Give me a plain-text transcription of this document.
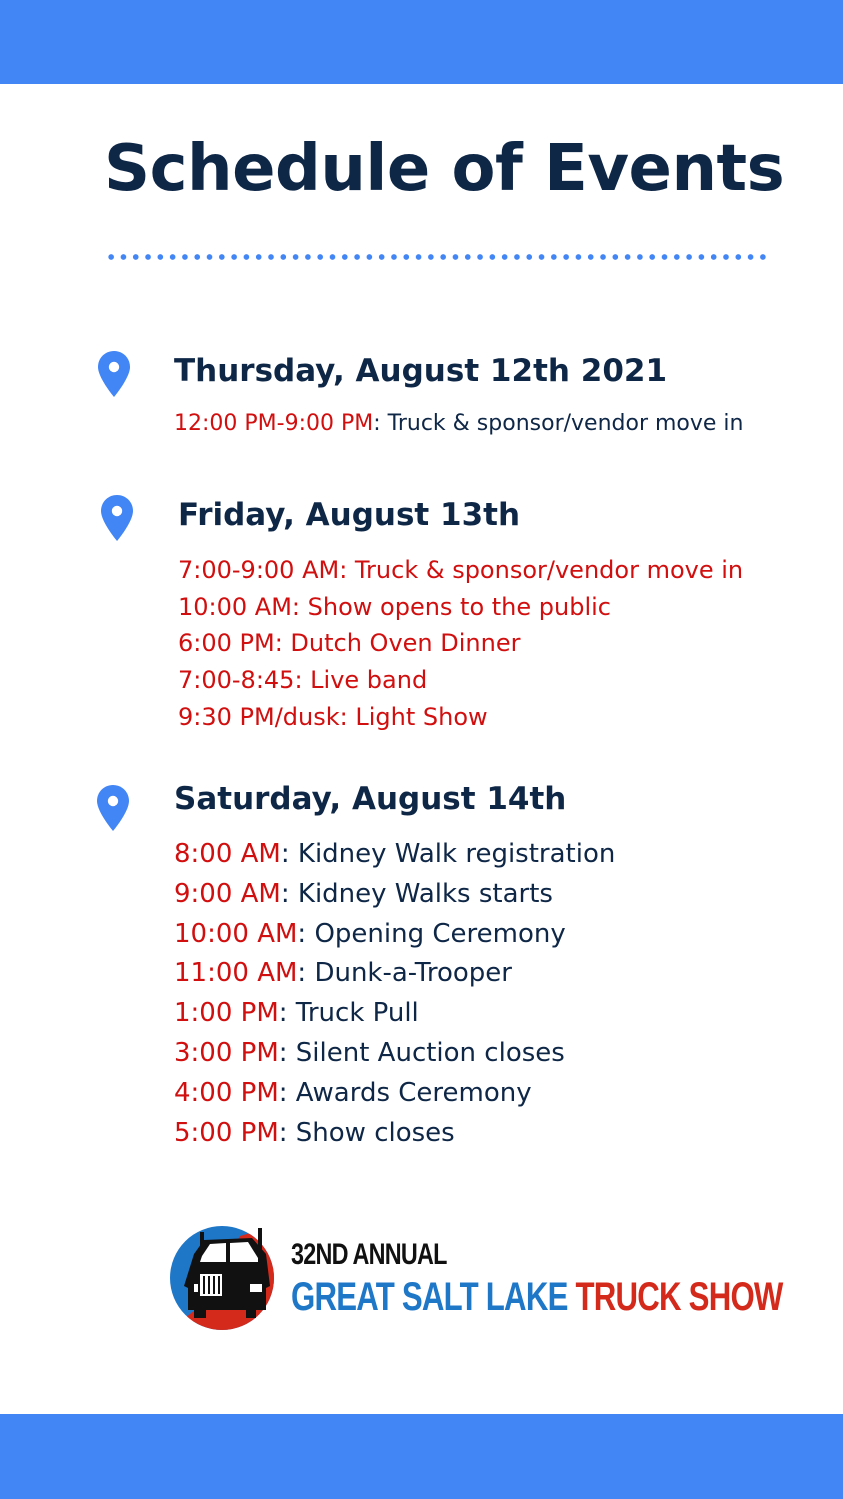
Schedule of Events
Thursday, August 12th 2021
12:00 PM-9:00 PM: Truck & sponsor/vendor move in
Friday, August 13th
7:00-9:00 AM: Truck & sponsor/vendor move in
10:00 AM: Show opens to the public
6:00 PM: Dutch Oven Dinner
7:00-8:45: Live band
9:30 PM/dusk: Light Show
Saturday, August 14th
8:00 AM: Kidney Walk registration
9:00 AM: Kidney Walks starts
10:00 AM: Opening Ceremony
11:00 AM: Dunk-a-Trooper
1:00 PM: Truck Pull
3:00 PM: Silent Auction closes
4:00 PM: Awards Ceremony
5:00 PM: Show closes
32ND ANNUAL
GREAT SALT LAKE TRUCK SHOW
